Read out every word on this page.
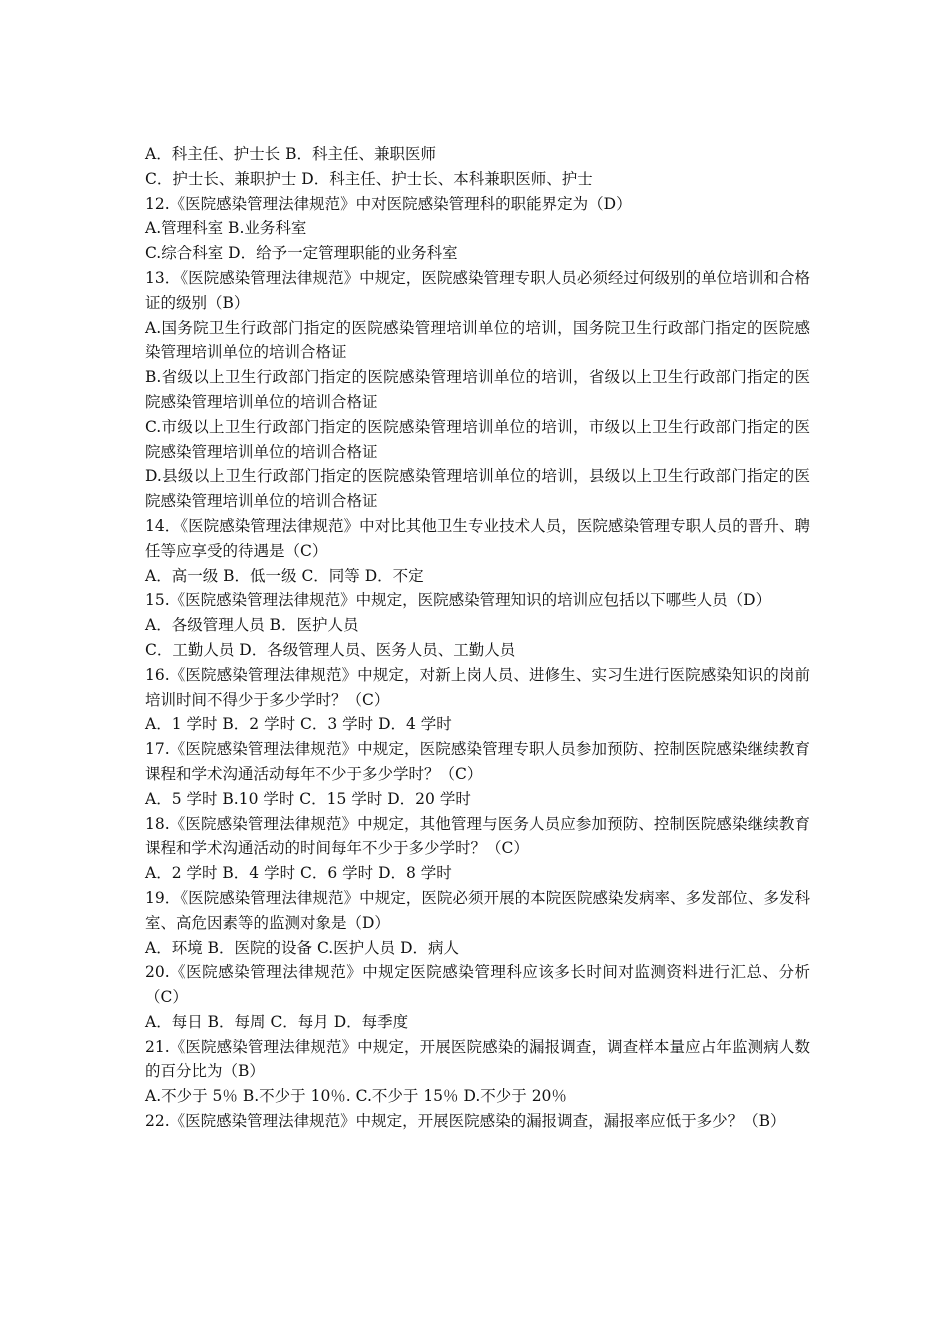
A．科主任、护士长 B．科主任、兼职医师

C．护士长、兼职护士 D．科主任、护士长、本科兼职医师、护士

12.《医院感染管理法律规范》中对医院感染管理科的职能界定为（D）

A.管理科室 B.业务科室

C.综合科室 D．给予一定管理职能的业务科室

13．《医院感染管理法律规范》中规定，医院感染管理专职人员必须经过何级别的单位培训和合格证的级别（B）

A.国务院卫生行政部门指定的医院感染管理培训单位的培训，国务院卫生行政部门指定的医院感染管理培训单位的培训合格证

B.省级以上卫生行政部门指定的医院感染管理培训单位的培训，省级以上卫生行政部门指定的医院感染管理培训单位的培训合格证

C.市级以上卫生行政部门指定的医院感染管理培训单位的培训，市级以上卫生行政部门指定的医院感染管理培训单位的培训合格证

D.县级以上卫生行政部门指定的医院感染管理培训单位的培训，县级以上卫生行政部门指定的医院感染管理培训单位的培训合格证

14．《医院感染管理法律规范》中对比其他卫生专业技术人员，医院感染管理专职人员的晋升、聘任等应享受的待遇是（C）

A．高一级 B．低一级 C．同等 D．不定

15.《医院感染管理法律规范》中规定，医院感染管理知识的培训应包括以下哪些人员（D）

A．各级管理人员 B．医护人员

C．工勤人员 D．各级管理人员、医务人员、工勤人员

16.《医院感染管理法律规范》中规定，对新上岗人员、进修生、实习生进行医院感染知识的岗前培训时间不得少于多少学时？（C）

A．1 学时 B．2 学时 C．3 学时 D．4 学时

17.《医院感染管理法律规范》中规定，医院感染管理专职人员参加预防、控制医院感染继续教育课程和学术沟通活动每年不少于多少学时？（C）

A．5 学时 B.10 学时 C．15 学时 D．20 学时

18.《医院感染管理法律规范》中规定，其他管理与医务人员应参加预防、控制医院感染继续教育课程和学术沟通活动的时间每年不少于多少学时？（C）

A．2 学时 B．4 学时 C．6 学时 D．8 学时

19．《医院感染管理法律规范》中规定，医院必须开展的本院医院感染发病率、多发部位、多发科室、高危因素等的监测对象是（D）

A．环境 B．医院的设备 C.医护人员 D．病人

20.《医院感染管理法律规范》中规定医院感染管理科应该多长时间对监测资料进行汇总、分析（C）

A．每日 B．每周 C．每月 D．每季度

21.《医院感染管理法律规范》中规定，开展医院感染的漏报调查，调查样本量应占年监测病人数的百分比为（B）

A.不少于 5％ B.不少于 10％. C.不少于 15％ D.不少于 20％

22.《医院感染管理法律规范》中规定，开展医院感染的漏报调查，漏报率应低于多少？（B）
